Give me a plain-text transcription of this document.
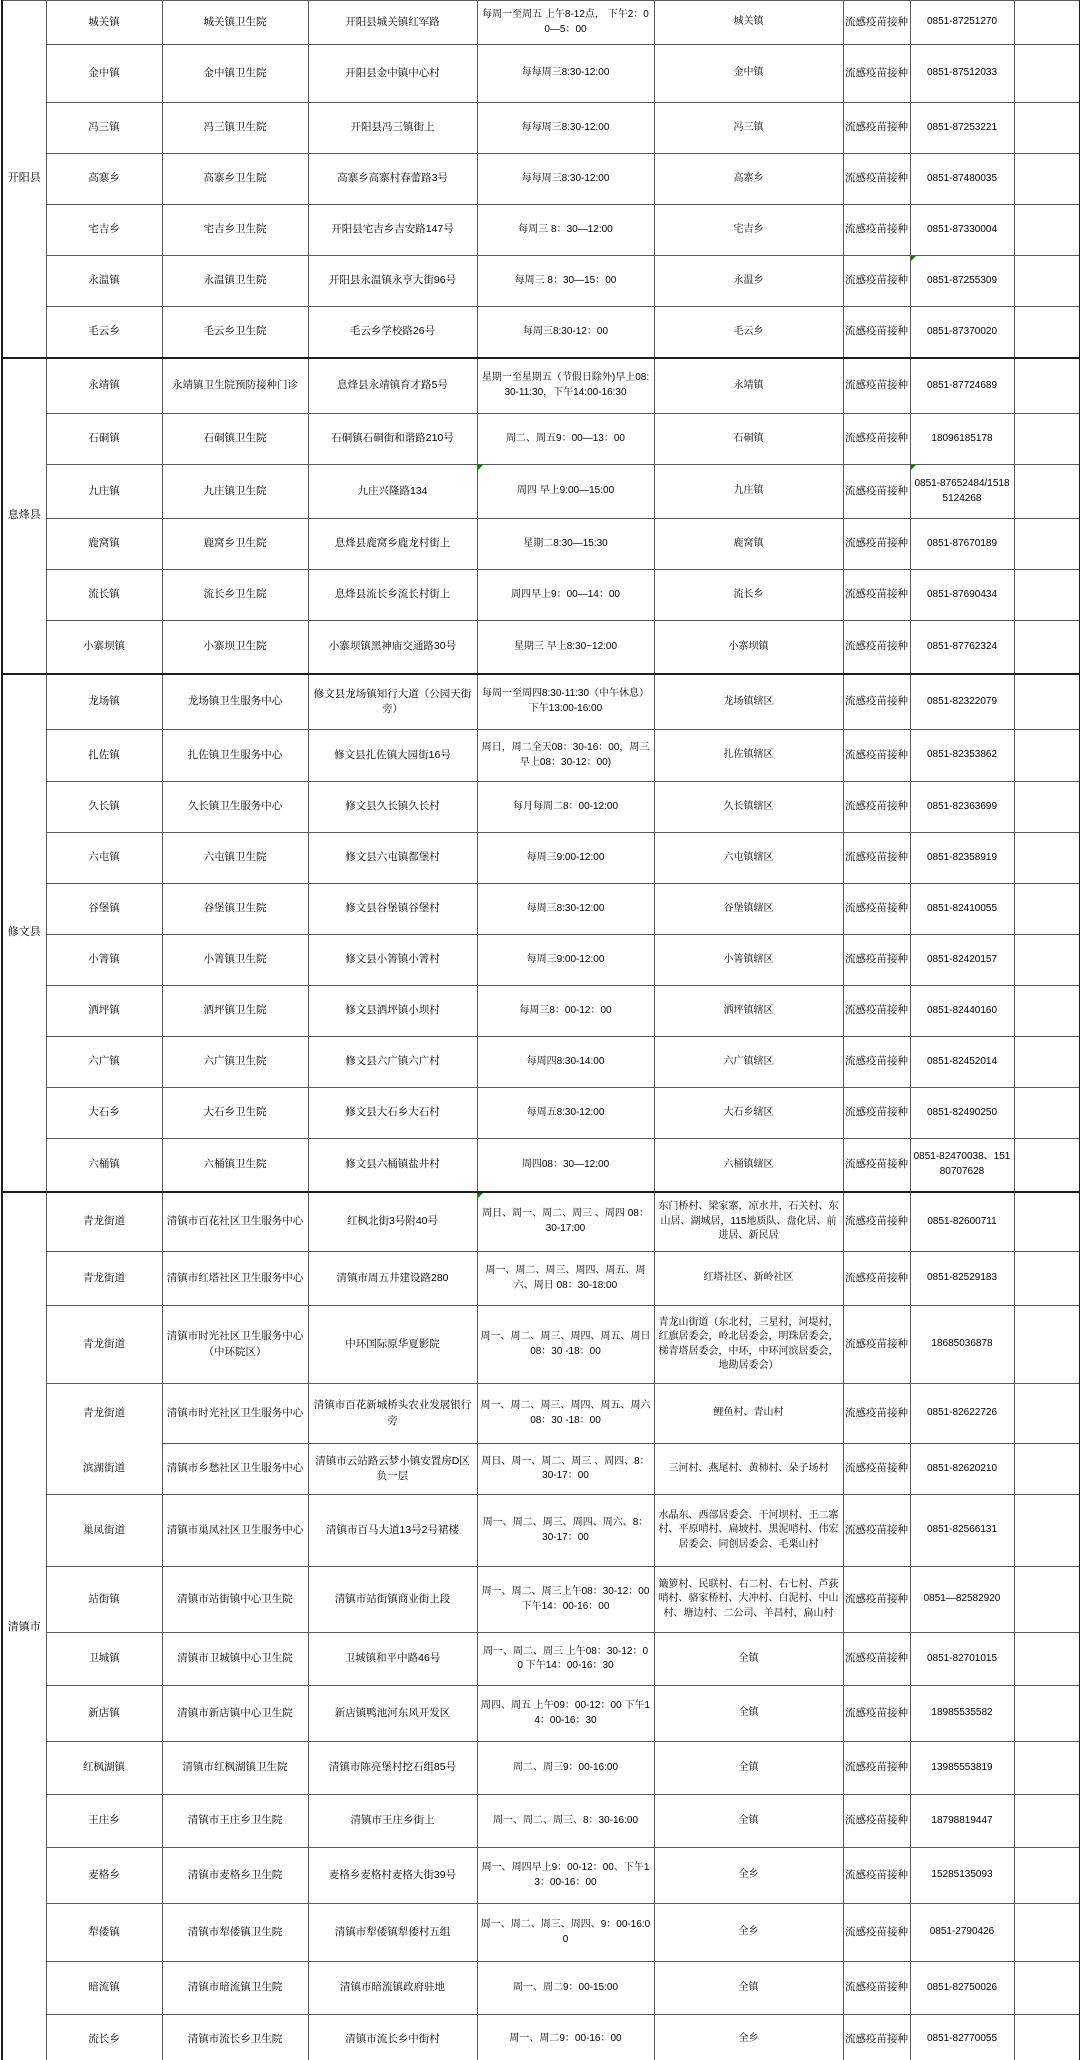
开阳县	城关镇	城关镇卫生院	开阳县城关镇红军路	每周一至周五 上午8-12点， 下午2：00—5：00	城关镇	流感疫苗接种	0851-87251270	
	金中镇	金中镇卫生院	开阳县金中镇中心村	每每周三8:30-12:00	金中镇	流感疫苗接种	0851-87512033	
	冯三镇	冯三镇卫生院	开阳县冯三镇街上	每每周三8:30-12:00	冯三镇	流感疫苗接种	0851-87253221	
	高寨乡	高寨乡卫生院	高寨乡高寨村春蕾路3号	每每周三8:30-12:00	高寨乡	流感疫苗接种	0851-87480035	
	宅吉乡	宅吉乡卫生院	开阳县宅吉乡吉安路147号	每周三 8：30—12:00	宅吉乡	流感疫苗接种	0851-87330004	
	永温镇	永温镇卫生院	开阳县永温镇永亨大街96号	每周三 8：30—15：00	永温乡	流感疫苗接种	0851-87255309	
	毛云乡	毛云乡卫生院	毛云乡学校路26号	每周三8:30-12：00	毛云乡	流感疫苗接种	0851-87370020	
息烽县	永靖镇	永靖镇卫生院预防接种门诊	息烽县永靖镇育才路5号	星期一至星期五（节假日除外)早上08:30-11:30，下午14:00-16:30	永靖镇	流感疫苗接种	0851-87724689	
	石硐镇	石硐镇卫生院	石硐镇石硐街和谐路210号	周二、周五9：00—13：00	石硐镇	流感疫苗接种	18096185178	
	九庄镇	九庄镇卫生院	九庄兴隆路134	周四 早上9:00—15:00	九庄镇	流感疫苗接种	0851-87652484/15185124268	
	鹿窝镇	鹿窝乡卫生院	息烽县鹿窝乡鹿龙村街上	星期二8:30—15:30	鹿窝镇	流感疫苗接种	0851-87670189	
	流长镇	流长乡卫生院	息烽县流长乡流长村街上	周四早上9：00—14：00	流长乡	流感疫苗接种	0851-87690434	
	小寨坝镇	小寨坝卫生院	小寨坝镇黑神庙交通路30号	星期三 早上8:30~12:00	小寨坝镇	流感疫苗接种	0851-87762324	
修文县	龙场镇	龙场镇卫生服务中心	修文县龙场镇知行大道（公园天街旁）	每周一至周四8:30-11:30（中午休息）下午13:00-16:00	龙场镇辖区	流感疫苗接种	0851-82322079	
	扎佐镇	扎佐镇卫生服务中心	修文县扎佐镇大园街16号	周日，周二全天08：30-16：00，周三早上08：30-12：00)	扎佐镇辖区	流感疫苗接种	0851-82353862	
	久长镇	久长镇卫生服务中心	修文县久长镇久长村	每月每周二8：00-12:00	久长镇辖区	流感疫苗接种	0851-82363699	
	六屯镇	六屯镇卫生院	修文县六屯镇都堡村	每周三9:00-12:00	六屯镇辖区	流感疫苗接种	0851-82358919	
	谷堡镇	谷堡镇卫生院	修文县谷堡镇谷堡村	每周三8:30-12:00	谷堡镇辖区	流感疫苗接种	0851-82410055	
	小箐镇	小箐镇卫生院	修文县小箐镇小箐村	每周三9:00-12:00	小箐镇辖区	流感疫苗接种	0851-82420157	
	洒坪镇	洒坪镇卫生院	修文县洒坪镇小坝村	每周三8：00-12：00	洒坪镇辖区	流感疫苗接种	0851-82440160	
	六广镇	六广镇卫生院	修文县六广镇六广村	每周四8:30-14:00	六广镇辖区	流感疫苗接种	0851-82452014	
	大石乡	大石乡卫生院	修文县大石乡大石村	每周五8:30-12:00	大石乡辖区	流感疫苗接种	0851-82490250	
	六桶镇	六桶镇卫生院	修文县六桶镇盐井村	周四08：30—12:00	六桶镇辖区	流感疫苗接种	0851-82470038、15180707628	
清镇市	青龙街道	清镇市百花社区卫生服务中心	红枫北街3号附40号	周日、周一、周二、周三 、周四 08：30-17:00	东门桥村、梁家寨，凉水井，石关村、东山居、湖城居，115地质队、盘化居、前进居、新民居	流感疫苗接种	0851-82600711	
	青龙街道	清镇市红塔社区卫生服务中心	清镇市周五井建设路280	周一、周二、周三、周四、周五、周六、周日 08：30-18:00	红塔社区、新岭社区	流感疫苗接种	0851-82529183	
	青龙街道	清镇市时光社区卫生服务中心（中环院区）	中环国际原华夏影院	周一、周二、周三、周四、周五、周日 08：30 -18：00	青龙山街道（东北村，三星村，河堤村，红旗居委会，岭北居委会，明珠居委会，梯青塔居委会，中环，中环河滨居委会，地勘居委会）	流感疫苗接种	18685036878	
	青龙街道	清镇市时光社区卫生服务中心	清镇市百花新城桥头农业发展银行旁	周一、周二、周三、周四、周五、周六 08：30 -18：00	鲤鱼村、青山村	流感疫苗接种	0851-82622726	
	滨湖街道	清镇市乡愁社区卫生服务中心	清镇市云站路云梦小镇安置房D区负一层	周日、周一、周二、周三 、周四、8：30-17：00	三河村、燕尾村、黄柿村、朵子场村	流感疫苗接种	0851-82620210	
	巢凤街道	清镇市巢凤社区卫生服务中心	清镇市百马大道13号2号裙楼	周一、周二、周三、周四、周六、8：30-17：00	水晶东、西部居委会、干河坝村、王二寨村、平原哨村、扁坡村、黑泥哨村、伟宏居委会、同创居委会、毛栗山村	流感疫苗接种	0851-82566131	
	站街镇	清镇市站街镇中心卫生院	清镇市站街镇商业街上段	周一、周二、周三上午08：30-12：00 下午14：00-16：00	簸箩村、民联村、右二村、右七村、芦荻哨村、骆家桥村、大冲村、白泥村、中山村、塘边村、二公司、羊昌村，扁山村	流感疫苗接种	0851—82582920	
	卫城镇	清镇市卫城镇中心卫生院	卫城镇和平中路46号	周一、周二、周三 上午08：30-12：00 下午14：00-16：30	全镇	流感疫苗接种	0851-82701015	
	新店镇	清镇市新店镇中心卫生院	新店镇鸭池河东风开发区	周四、周五 上午09：00-12：00 下午14：00-16：30	全镇	流感疫苗接种	18985535582	
	红枫湖镇	清镇市红枫湖镇卫生院	清镇市陈亮堡村挖石组85号	周二、周三9：00-16:00	全镇	流感疫苗接种	13985553819	
	王庄乡	清镇市王庄乡卫生院	清镇市王庄乡街上	周一、周二、周三、8：30-16:00	全镇	流感疫苗接种	18798819447	
	麦格乡	清镇市麦格乡卫生院	麦格乡麦格村麦格大街39号	周一、周四早上9：00-12：00、下午13：00-16：00	全乡	流感疫苗接种	15285135093	
	犁倭镇	清镇市犁倭镇卫生院	清镇市犁倭镇犁倭村五组	周一、周二、周三、周四、9：00-16:00	全乡	流感疫苗接种	0851-2790426	
	暗流镇	清镇市暗流镇卫生院	清镇市暗流镇政府驻地	周一、周二9：00-15:00	全镇	流感疫苗接种	0851-82750026	
	流长乡	清镇市流长乡卫生院	清镇市流长乡中街村	周一、周二9：00-16：00	全乡	流感疫苗接种	0851-82770055	
